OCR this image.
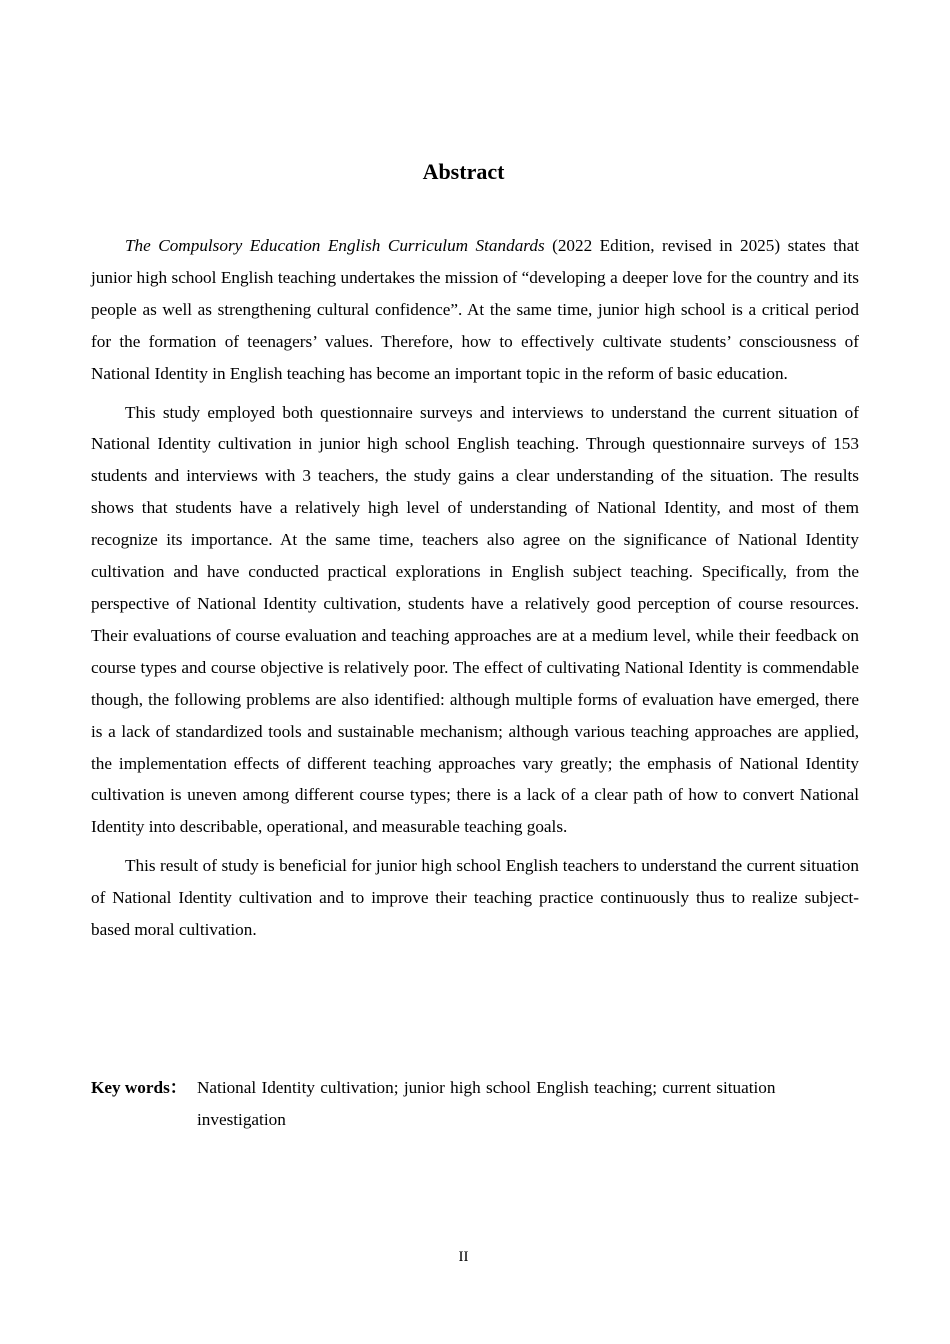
Abstract

The Compulsory Education English Curriculum Standards (2022 Edition, revised in 2025) states that junior high school English teaching undertakes the mission of “developing a deeper love for the country and its people as well as strengthening cultural confidence”. At the same time, junior high school is a critical period for the formation of teenagers’ values. Therefore, how to effectively cultivate students’ consciousness of National Identity in English teaching has become an important topic in the reform of basic education.

This study employed both questionnaire surveys and interviews to understand the current situation of National Identity cultivation in junior high school English teaching. Through questionnaire surveys of 153 students and interviews with 3 teachers, the study gains a clear understanding of the situation. The results shows that students have a relatively high level of understanding of National Identity, and most of them recognize its importance. At the same time, teachers also agree on the significance of National Identity cultivation and have conducted practical explorations in English subject teaching. Specifically, from the perspective of National Identity cultivation, students have a relatively good perception of course resources. Their evaluations of course evaluation and teaching approaches are at a medium level, while their feedback on course types and course objective is relatively poor. The effect of cultivating National Identity is commendable though, the following problems are also identified: although multiple forms of evaluation have emerged, there is a lack of standardized tools and sustainable mechanism; although various teaching approaches are applied, the implementation effects of different teaching approaches vary greatly; the emphasis of National Identity cultivation is uneven among different course types; there is a lack of a clear path of how to convert National Identity into describable, operational, and measurable teaching goals.

This result of study is beneficial for junior high school English teachers to understand the current situation of National Identity cultivation and to improve their teaching practice continuously thus to realize subject-based moral cultivation.

Key words： National Identity cultivation; junior high school English teaching; current situation investigation
II
